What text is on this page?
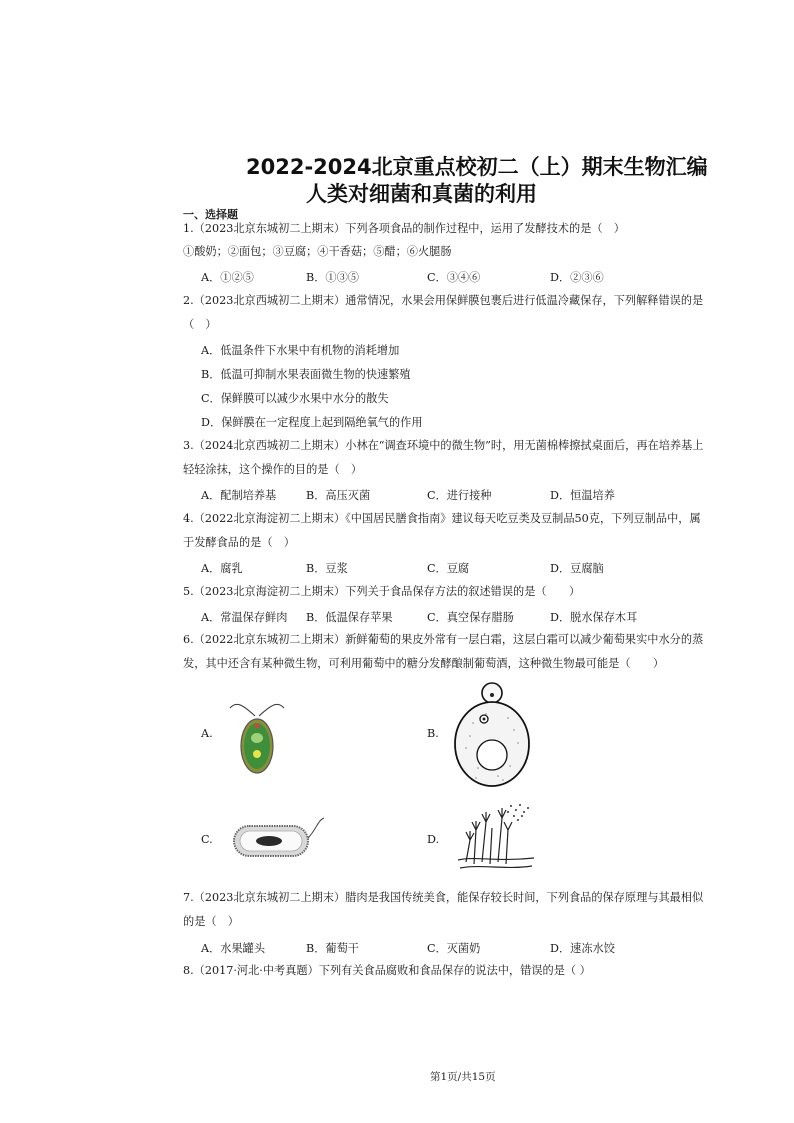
2022-2024北京重点校初二（上）期末生物汇编
人类对细菌和真菌的利用
一、选择题
1.（2023北京东城初二上期末）下列各项食品的制作过程中，运用了发酵技术的是（　）
①酸奶；②面包；③豆腐；④干香菇；⑤醋；⑥火腿肠
A．①②⑤	B．①③⑤	C．③④⑥	D．②③⑥
2.（2023北京西城初二上期末）通常情况，水果会用保鲜膜包裹后进行低温冷藏保存，下列解释错误的是
（　）
A．低温条件下水果中有机物的消耗增加
B．低温可抑制水果表面微生物的快速繁殖
C．保鲜膜可以减少水果中水分的散失
D．保鲜膜在一定程度上起到隔绝氧气的作用
3.（2024北京西城初二上期末）小林在“调查环境中的微生物”时，用无菌棉棒擦拭桌面后，再在培养基上
轻轻涂抹，这个操作的目的是（　）
A．配制培养基	B．高压灭菌	C．进行接种	D．恒温培养
4.（2022北京海淀初二上期末）《中国居民膳食指南》建议每天吃豆类及豆制品50克，下列豆制品中，属
于发酵食品的是（　）
A．腐乳	B．豆浆	C．豆腐	D．豆腐脑
5.（2023北京海淀初二上期末）下列关于食品保存方法的叙述错误的是（　　）
A．常温保存鲜肉 B．低温保存苹果	C．真空保存腊肠	D．脱水保存木耳
6.（2022北京东城初二上期末）新鲜葡萄的果皮外常有一层白霜，这层白霜可以减少葡萄果实中水分的蒸
发，其中还含有某种微生物，可利用葡萄中的糖分发酵酿制葡萄酒，这种微生物最可能是（　　）
A.	B.
C.	D.
7.（2023北京东城初二上期末）腊肉是我国传统美食，能保存较长时间，下列食品的保存原理与其最相似
的是（　）
A．水果罐头	B．葡萄干	C．灭菌奶	D．速冻水饺
8.（2017·河北·中考真题）下列有关食品腐败和食品保存的说法中，错误的是（ ）
第1页/共15页
